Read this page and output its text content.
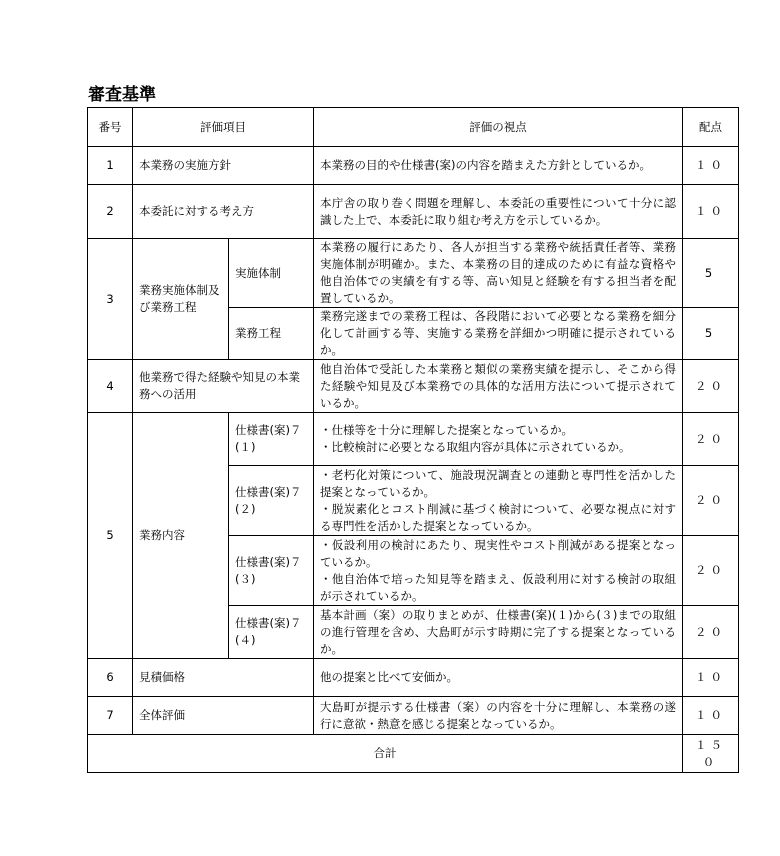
審査基準
番号	評価項目		評価の視点	配点
1	本業務の実施方針		本業務の目的や仕様書(案)の内容を踏まえた方針としているか。	１０
2	本委託に対する考え方		本庁舎の取り巻く問題を理解し、本委託の重要性について十分に認識した上で、本委託に取り組む考え方を示しているか。	１０
3	業務実施体制及び業務工程	実施体制	本業務の履行にあたり、各人が担当する業務や統括責任者等、業務実施体制が明確か。また、本業務の目的達成のために有益な資格や他自治体での実績を有する等、高い知見と経験を有する担当者を配置しているか。	5
		業務工程	業務完遂までの業務工程は、各段階において必要となる業務を細分化して計画する等、実施する業務を詳細かつ明確に提示されているか。	5
4	他業務で得た経験や知見の本業務への活用		他自治体で受託した本業務と類似の業務実績を提示し、そこから得た経験や知見及び本業務での具体的な活用方法について提示されているか。	２０
5	業務内容	仕様書(案)７(１)	・仕様等を十分に理解した提案となっているか。
・比較検討に必要となる取組内容が具体に示されているか。	２０
		仕様書(案)７(２)	・老朽化対策について、施設現況調査との連動と専門性を活かした提案となっているか。
・脱炭素化とコスト削減に基づく検討について、必要な視点に対する専門性を活かした提案となっているか。	２０
		仕様書(案)７(３)	・仮設利用の検討にあたり、現実性やコスト削減がある提案となっているか。
・他自治体で培った知見等を踏まえ、仮設利用に対する検討の取組が示されているか。	２０
		仕様書(案)７(４)	基本計画（案）の取りまとめが、仕様書(案)(１)から(３)までの取組の進行管理を含め、大島町が示す時期に完了する提案となっているか。	２０
6	見積価格		他の提案と比べて安価か。	１０
7	全体評価		大島町が提示する仕様書（案）の内容を十分に理解し、本業務の遂行に意欲・熱意を感じる提案となっているか。	１０
合計				１５０
